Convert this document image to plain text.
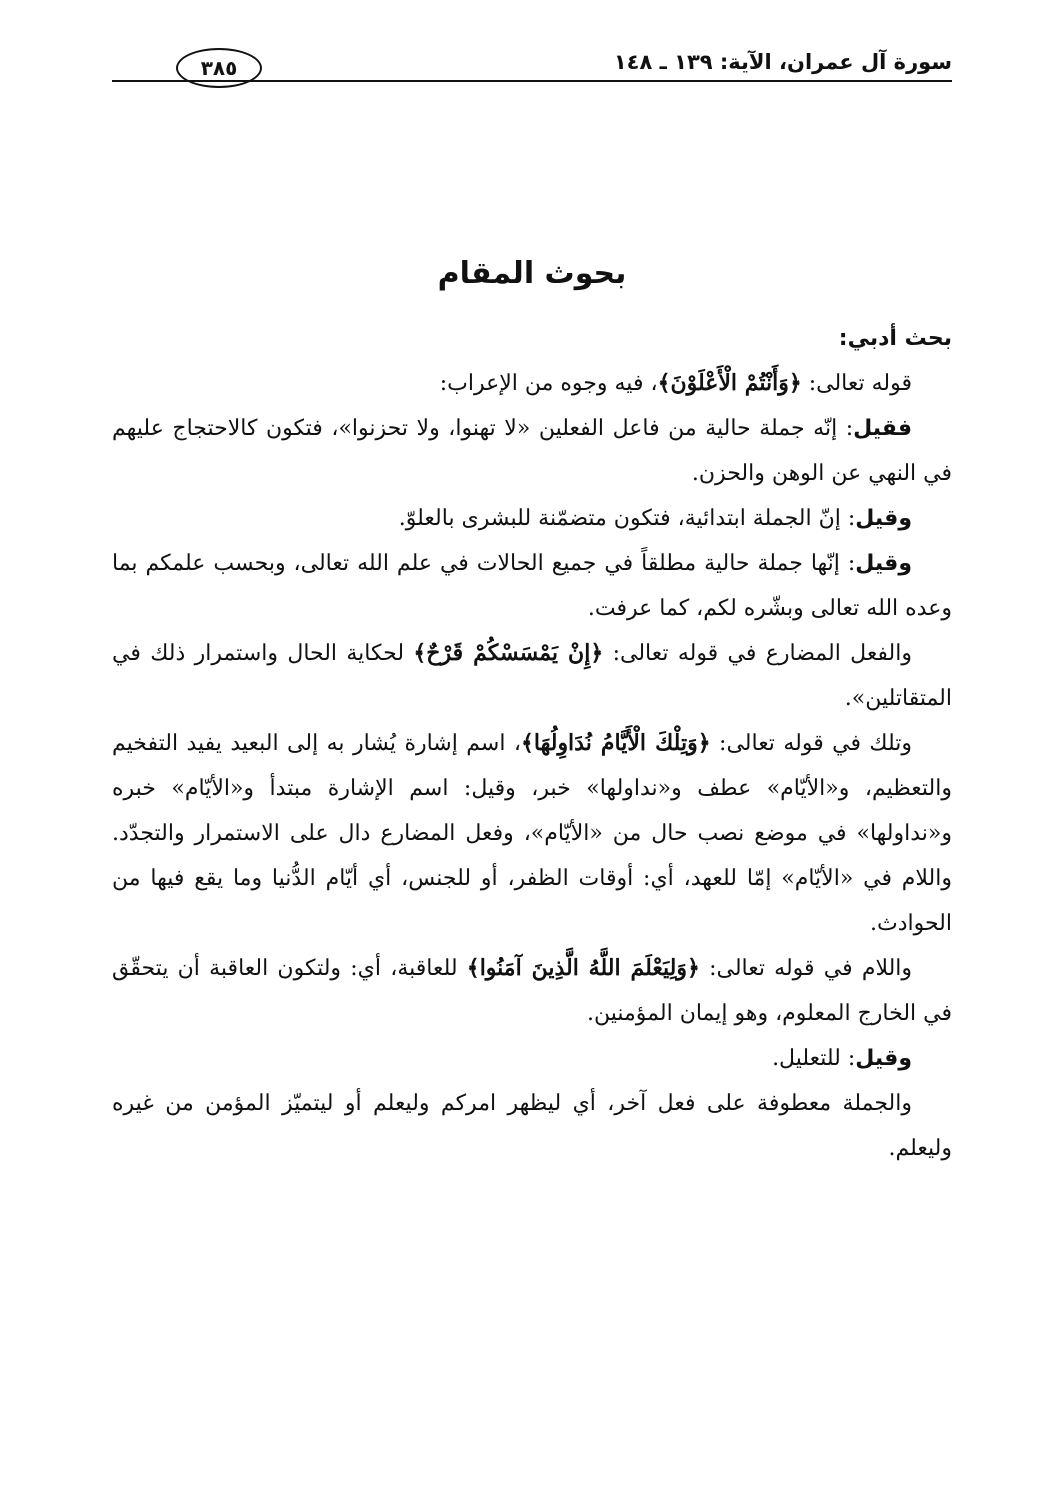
سورة آل عمران، الآية: ١٣٩ ـ ١٤٨
٣٨٥
بحوث المقام

بحث أدبي:

قوله تعالى: ﴿وَأَنْتُمْ الْأَعْلَوْنَ﴾، فيه وجوه من الإعراب:

فقيل: إنّه جملة حالية من فاعل الفعلين «لا تهنوا، ولا تحزنوا»، فتكون كالاحتجاج عليهم في النهي عن الوهن والحزن.

وقيل: إنّ الجملة ابتدائية، فتكون متضمّنة للبشرى بالعلوّ.

وقيل: إنّها جملة حالية مطلقاً في جميع الحالات في علم الله تعالى، وبحسب علمكم بما وعده الله تعالى وبشّره لكم، كما عرفت.

والفعل المضارع في قوله تعالى: ﴿إِنْ يَمْسَسْكُمْ قَرْحٌ﴾ لحكاية الحال واستمرار ذلك في المتقاتلين».

وتلك في قوله تعالى: ﴿وَتِلْكَ الْأَيَّامُ نُدَاوِلُهَا﴾، اسم إشارة يُشار به إلى البعيد يفيد التفخيم والتعظيم، و«الأيّام» عطف و«نداولها» خبر، وقيل: اسم الإشارة مبتدأ و«الأيّام» خبره و«نداولها» في موضع نصب حال من «الأيّام»، وفعل المضارع دال على الاستمرار والتجدّد. واللام في «الأيّام» إمّا للعهد، أي: أوقات الظفر، أو للجنس، أي أيّام الدُّنيا وما يقع فيها من الحوادث.

واللام في قوله تعالى: ﴿وَلِيَعْلَمَ اللَّهُ الَّذِينَ آمَنُوا﴾ للعاقبة، أي: ولتكون العاقبة أن يتحقّق في الخارج المعلوم، وهو إيمان المؤمنين.

وقيل: للتعليل.

والجملة معطوفة على فعل آخر، أي ليظهر امركم وليعلم أو ليتميّز المؤمن من غيره وليعلم.
